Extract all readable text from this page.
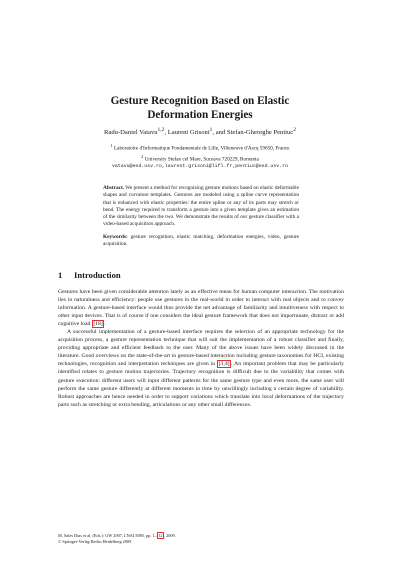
Gesture Recognition Based on Elastic
Deformation Energies
Radu-Daniel Vatavu$^{1,2}$, Laurent Grisoni$^1$, and Stefan-Gheorghe Pentiuc$^2$
$^1$ Laboratoire d'Informatique Fondamentale de Lille, Villeneuve d'Ascq 59650, France
$^2$ University Stefan cel Mare, Suceava 720229, Romania
vatavu@eed.usv.ro,laurent.grisoni@lifl.fr,pentiuc@eed.usv.ro

Abstract. We present a method for recognizing gesture motions based on elastic deformable shapes and curvature templates. Gestures are modeled using a spline curve representation that is enhanced with elastic properties: the entire spline or any of its parts may stretch or bend. The energy required to transform a gesture into a given template gives an estimation of the similarity between the two. We demonstrate the results of our gesture classifier with a video-based acquisition approach.

Keywords: gesture recognition, elastic matching, deformation energies, video, gesture acquisition.

1 Introduction

Gestures have been given considerable attention lately as an effective mean for human computer interaction. The motivation lies in naturalness and efficiency: people use gestures in the real-world in order to interact with real objects and to convey information. A gesture-based interface would thus provide the net advantage of familiarity and intuitiveness with respect to other input devices. That is of course if one considers the ideal gesture framework that does not importunate, distract or add cognitive load [18] .

A successful implementation of a gesture-based interface requires the selection of an appropriate technology for the acquisition process, a gesture representation technique that will suit the implementation of a robust classifier and finally, providing appropriate and efficient feedback to the user. Many of the above issues have been widely discussed in the literature. Good overviews on the state-of-the-art in gesture-based interaction including gesture taxonomies for HCI, existing technologies, recognition and interpretation techniques are given in [3,4] . An important problem that may be particularly identified relates to gesture motion trajectories. Trajectory recognition is difficult due to the variability that comes with gesture execution: different users will input different patterns for the same gesture type and even more, the same user will perform the same gesture differently at different moments in time by unwillingly including a certain degree of variability. Robust approaches are hence needed in order to support variations which translate into local deformations of the trajectory parts such as stretching or extra bending, articulations or any other small differences.

M. Sales Dias et al. (Eds.): GW 2007, LNAI 5085, pp. 1–12, 2009.
© Springer-Verlag Berlin Heidelberg 2009
